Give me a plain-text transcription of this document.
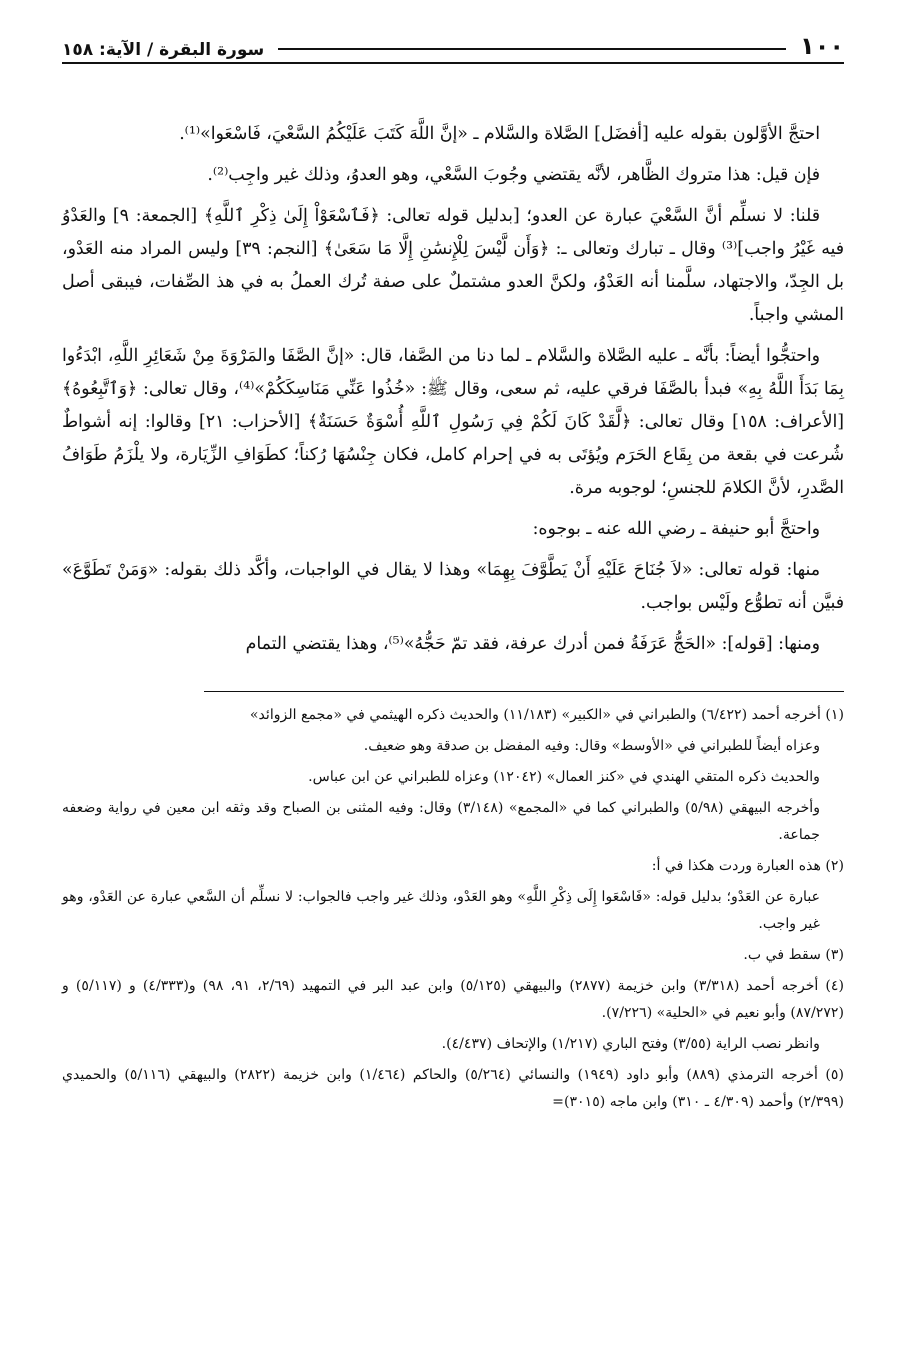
١٠٠
سورة البقرة / الآية: ١٥٨

احتجَّ الأوَّلون بقوله عليه [أفضَل] الصَّلاة والسَّلام ـ «إنَّ اللَّهَ كَتَبَ عَلَيْكُمُ السَّعْيَ، فَاسْعَوا»⁽¹⁾.

فإن قيل: هذا متروك الظَّاهر، لأنَّه يقتضي وجُوبَ السَّعْي، وهو العدوُ، وذلك غير واجِب⁽²⁾.

قلنا: لا نسلِّم أنَّ السَّعْيَ عبارة عن العدو؛ [بدليل قوله تعالى: ﴿فَٱسْعَوْاْ إِلَىٰ ذِكْرِ ٱللَّهِ﴾ [الجمعة: ٩] والعَدْوُ فيه غَيْرُ واجب]⁽³⁾ وقال ـ تبارك وتعالى ـ: ﴿وَأَن لَّيْسَ لِلْإِنسَٰنِ إِلَّا مَا سَعَىٰ﴾ [النجم: ٣٩] وليس المراد منه العَدْو، بل الجِدّ، والاجتهاد، سلَّمنا أنه العَدْوُ، ولكنَّ العدو مشتملٌ على صفة تُرك العملُ به في هذ الصِّفات، فيبقى أصل المشي واجباً.

واحتجُّوا أيضاً: بأنَّه ـ عليه الصَّلاة والسَّلام ـ لما دنا من الصَّفا، قال: «إنَّ الصَّفَا والمَرْوَةَ مِنْ شَعَائِرِ اللَّهِ، ابْدَءُوا بِمَا بَدَأَ اللَّهُ بِهِ» فبدأ بالصَّفَا فرقي عليه، ثم سعى، وقال ﷺ: «خُذُوا عَنِّي مَنَاسِكَكُمْ»⁽⁴⁾، وقال تعالى: ﴿وَٱتَّبِعُوهُ﴾ [الأعراف: ١٥٨] وقال تعالى: ﴿لَّقَدْ كَانَ لَكُمْ فِي رَسُولِ ٱللَّهِ أُسْوَةٌ حَسَنَةٌ﴾ [الأحزاب: ٢١] وقالوا: إنه أشواطٌ شُرعت في بقعة من بِقَاع الحَرَم ويُؤتَى به في إحرام كامل، فكان جِنْسُهَا رُكناً؛ كطَوَافِ الزِّيَارة، ولا يلْزَمُ طَوَافُ الصَّدرِ، لأنَّ الكلامَ للجنسِ؛ لوجوبه مرة.

واحتجَّ أبو حنيفة ـ رضي الله عنه ـ بوجوه:

منها: قوله تعالى: «لاَ جُنَاحَ عَلَيْهِ أَنْ يَطَّوَّفَ بِهِمَا» وهذا لا يقال في الواجبات، وأكَّد ذلك بقوله: «وَمَنْ تَطَوَّعَ» فبيَّن أنه تطوُّع ولَيْس بواجب.

ومنها: [قوله]: «الحَجُّ عَرَفَةُ فمن أدرك عرفة، فقد تمّ حَجُّهُ»⁽⁵⁾، وهذا يقتضي التمام

(١) أخرجه أحمد (٦/٤٢٢) والطبراني في «الكبير» (١١/١٨٣) والحديث ذكره الهيثمي في «مجمع الزوائد»

وعزاه أيضاً للطبراني في «الأوسط» وقال: وفيه المفضل بن صدقة وهو ضعيف.

والحديث ذكره المتقي الهندي في «كنز العمال» (١٢٠٤٢) وعزاه للطبراني عن ابن عباس.

وأخرجه البيهقي (٥/٩٨) والطبراني كما في «المجمع» (٣/١٤٨) وقال: وفيه المثنى بن الصباح وقد وثقه ابن معين في رواية وضعفه جماعة.

(٢) هذه العبارة وردت هكذا في أ:

عبارة عن العَدْو؛ بدليل قوله: «فَاسْعَوا إِلَى ذِكْرِ اللَّهِ» وهو العَدْو، وذلك غير واجب فالجواب: لا نسلِّم أن السَّعي عبارة عن العَدْو، وهو غير واجب.

(٣) سقط في ب.

(٤) أخرجه أحمد (٣/٣١٨) وابن خزيمة (٢٨٧٧) والبيهقي (٥/١٢٥) وابن عبد البر في التمهيد (٢/٦٩، ٩١، ٩٨) و(٤/٣٣٣) و (٥/١١٧) و (٨٧/٢٧٢) وأبو نعيم في «الحلية» (٧/٢٢٦).

وانظر نصب الراية (٣/٥٥) وفتح الباري (١/٢١٧) والإتحاف (٤/٤٣٧).

(٥) أخرجه الترمذي (٨٨٩) وأبو داود (١٩٤٩) والنسائي (٥/٢٦٤) والحاكم (١/٤٦٤) وابن خزيمة (٢٨٢٢) والبيهقي (٥/١١٦) والحميدي (٢/٣٩٩) وأحمد (٤/٣٠٩ ـ ٣١٠) وابن ماجه (٣٠١٥)=
